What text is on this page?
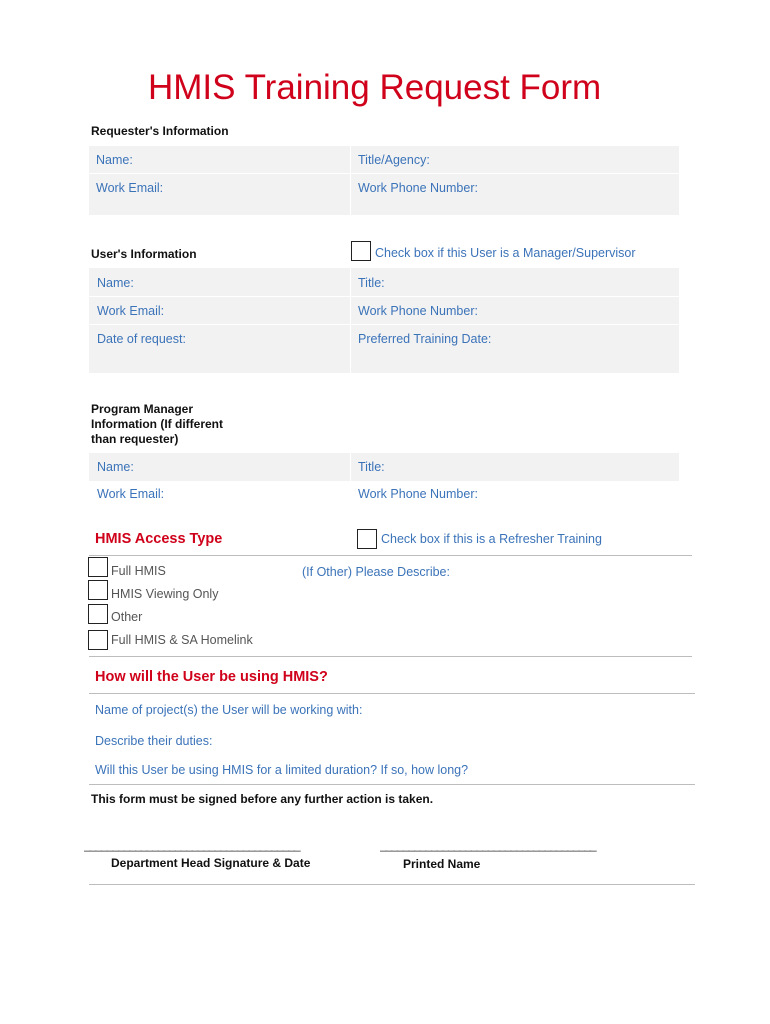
HMIS Training Request Form
Requester's Information
Name:	Title/Agency:
Work Email:	Work Phone Number:
User's Information	Check box if this User is a Manager/Supervisor
Name:	Title:
Work Email:	Work Phone Number:
Date of request:	Preferred Training Date:
Program Manager
Information (If different
than requester)
Name:	Title:
Work Email:	Work Phone Number:
HMIS Access Type	Check box if this is a Refresher Training
Full HMIS
HMIS Viewing Only
Other
Full HMIS & SA Homelink
(If Other) Please Describe:
How will the User be using HMIS?
Name of project(s) the User will be working with:
Describe their duties:
Will this User be using HMIS for a limited duration? If so, how long?
This form must be signed before any further action is taken.
______________________________________	______________________________________
Department Head Signature & Date	Printed Name
